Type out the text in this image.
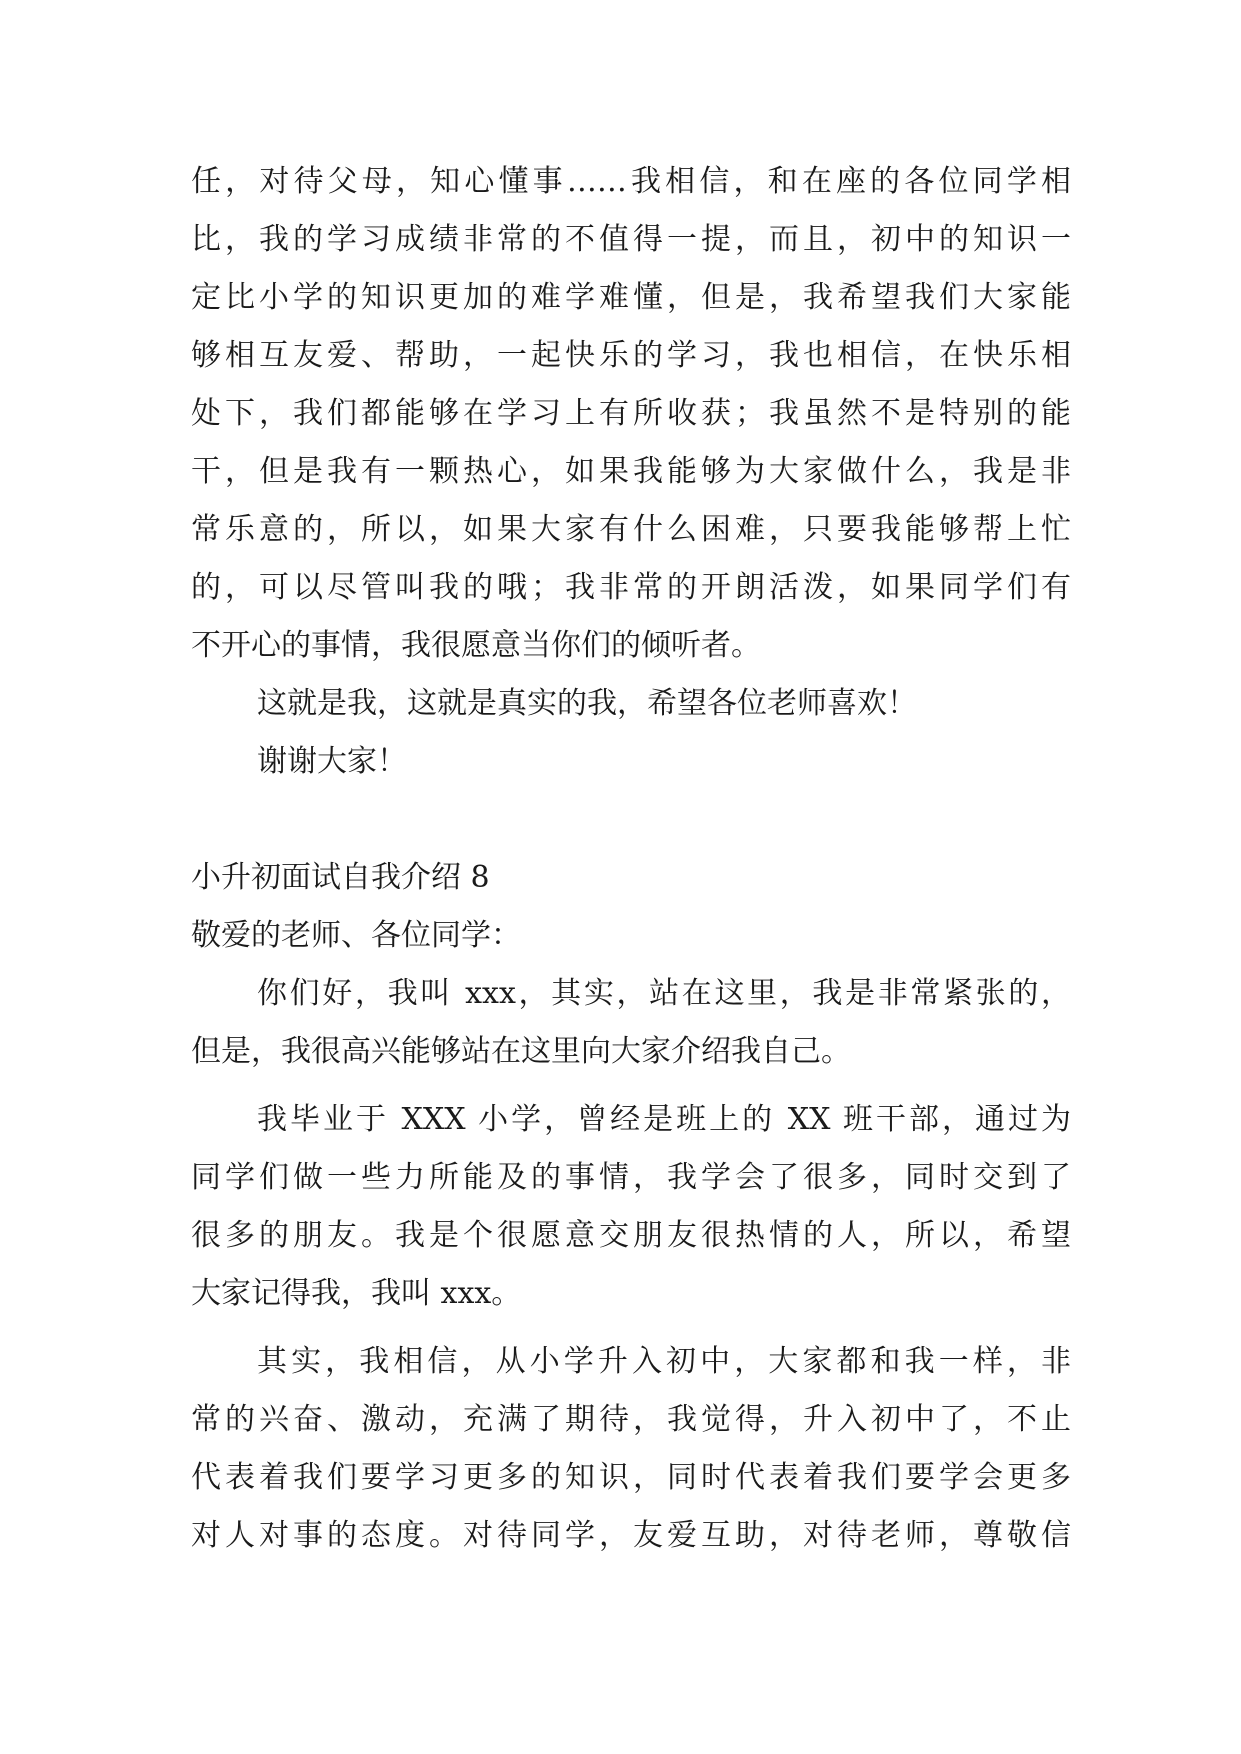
任，对待父母，知心懂事……我相信，和在座的各位同学相
比，我的学习成绩非常的不值得一提，而且，初中的知识一
定比小学的知识更加的难学难懂，但是，我希望我们大家能
够相互友爱、帮助，一起快乐的学习，我也相信，在快乐相
处下，我们都能够在学习上有所收获；我虽然不是特别的能
干，但是我有一颗热心，如果我能够为大家做什么，我是非
常乐意的，所以，如果大家有什么困难，只要我能够帮上忙
的，可以尽管叫我的哦；我非常的开朗活泼，如果同学们有
不开心的事情，我很愿意当你们的倾听者。
这就是我，这就是真实的我，希望各位老师喜欢！
谢谢大家！
小升初面试自我介绍 8
敬爱的老师、各位同学：
你们好，我叫 xxx，其实，站在这里，我是非常紧张的，
但是，我很高兴能够站在这里向大家介绍我自己。
我毕业于 XXX 小学，曾经是班上的 XX 班干部，通过为
同学们做一些力所能及的事情，我学会了很多，同时交到了
很多的朋友。我是个很愿意交朋友很热情的人，所以，希望
大家记得我，我叫 xxx。
其实，我相信，从小学升入初中，大家都和我一样，非
常的兴奋、激动，充满了期待，我觉得，升入初中了，不止
代表着我们要学习更多的知识，同时代表着我们要学会更多
对人对事的态度。对待同学，友爱互助，对待老师，尊敬信
